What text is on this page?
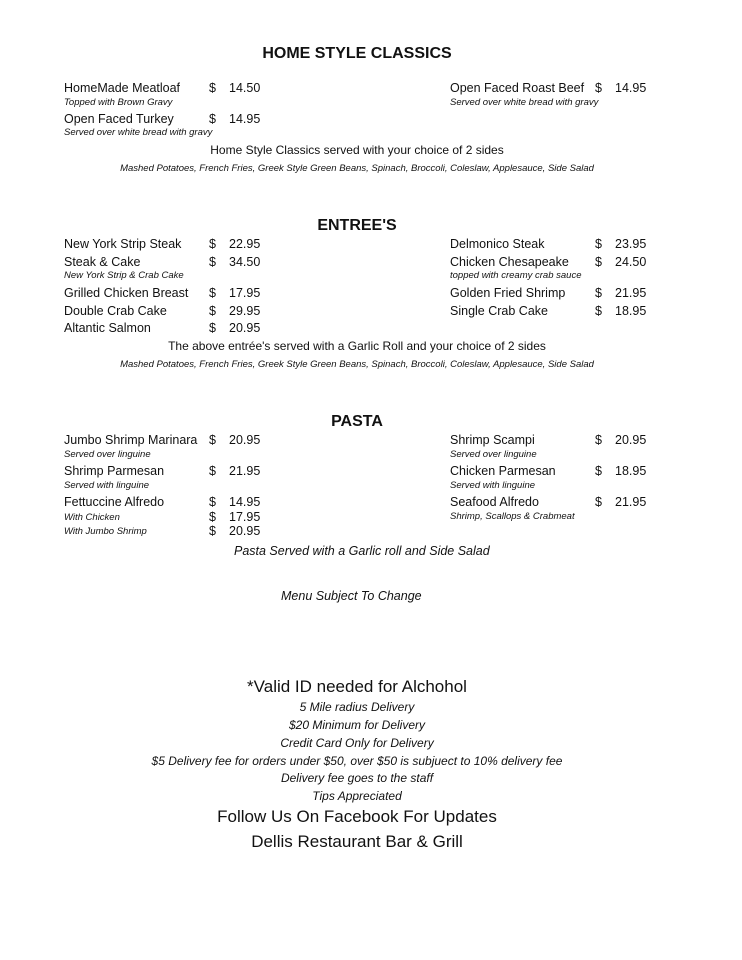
HOME STYLE CLASSICS
HomeMade Meatloaf $ 14.50
Topped with Brown Gravy
Open Faced Turkey	$ 14.95
Served over white bread with gravy
Open Faced Roast Beef $ 14.95
Served over white bread with gravy
Home Style Classics served with your choice of 2 sides
Mashed Potatoes, French Fries, Greek Style Green Beans, Spinach, Broccoli, Coleslaw, Applesauce, Side Salad
ENTREE'S
New York Strip Steak $ 22.95
Steak & Cake	$ 34.50
New York Strip & Crab Cake
Grilled Chicken Breast $ 17.95
Double Crab Cake	$ 29.95
Altantic Salmon	$ 20.95
Delmonico Steak	$ 23.95
Chicken Chesapeake $ 24.50
topped with creamy crab sauce
Golden Fried Shrimp $ 21.95
Single Crab Cake	$ 18.95
The above entrée's served with a Garlic Roll and your choice of 2 sides
Mashed Potatoes, French Fries, Greek Style Green Beans, Spinach, Broccoli, Coleslaw, Applesauce, Side Salad
PASTA
Jumbo Shrimp Marinara $ 20.95
Served over linguine
Shrimp Parmesan	$ 21.95
Served with linguine
Fettuccine Alfredo	$ 14.95
With Chicken	$ 17.95
With Jumbo Shrimp	$ 20.95
Shrimp Scampi	$ 20.95
Served over linguine
Chicken Parmesan	$ 18.95
Served with linguine
Seafood Alfredo	$ 21.95
Shrimp, Scallops & Crabmeat
Pasta Served with a Garlic roll and Side Salad
Menu Subject To Change
*Valid ID needed for Alchohol
5 Mile radius Delivery
$20 Minimum for Delivery
Credit Card Only for Delivery
$5 Delivery fee for orders under $50, over $50 is subjuect to 10% delivery fee
Delivery fee goes to the staff
Tips Appreciated
Follow Us On Facebook For Updates
Dellis Restaurant Bar & Grill
